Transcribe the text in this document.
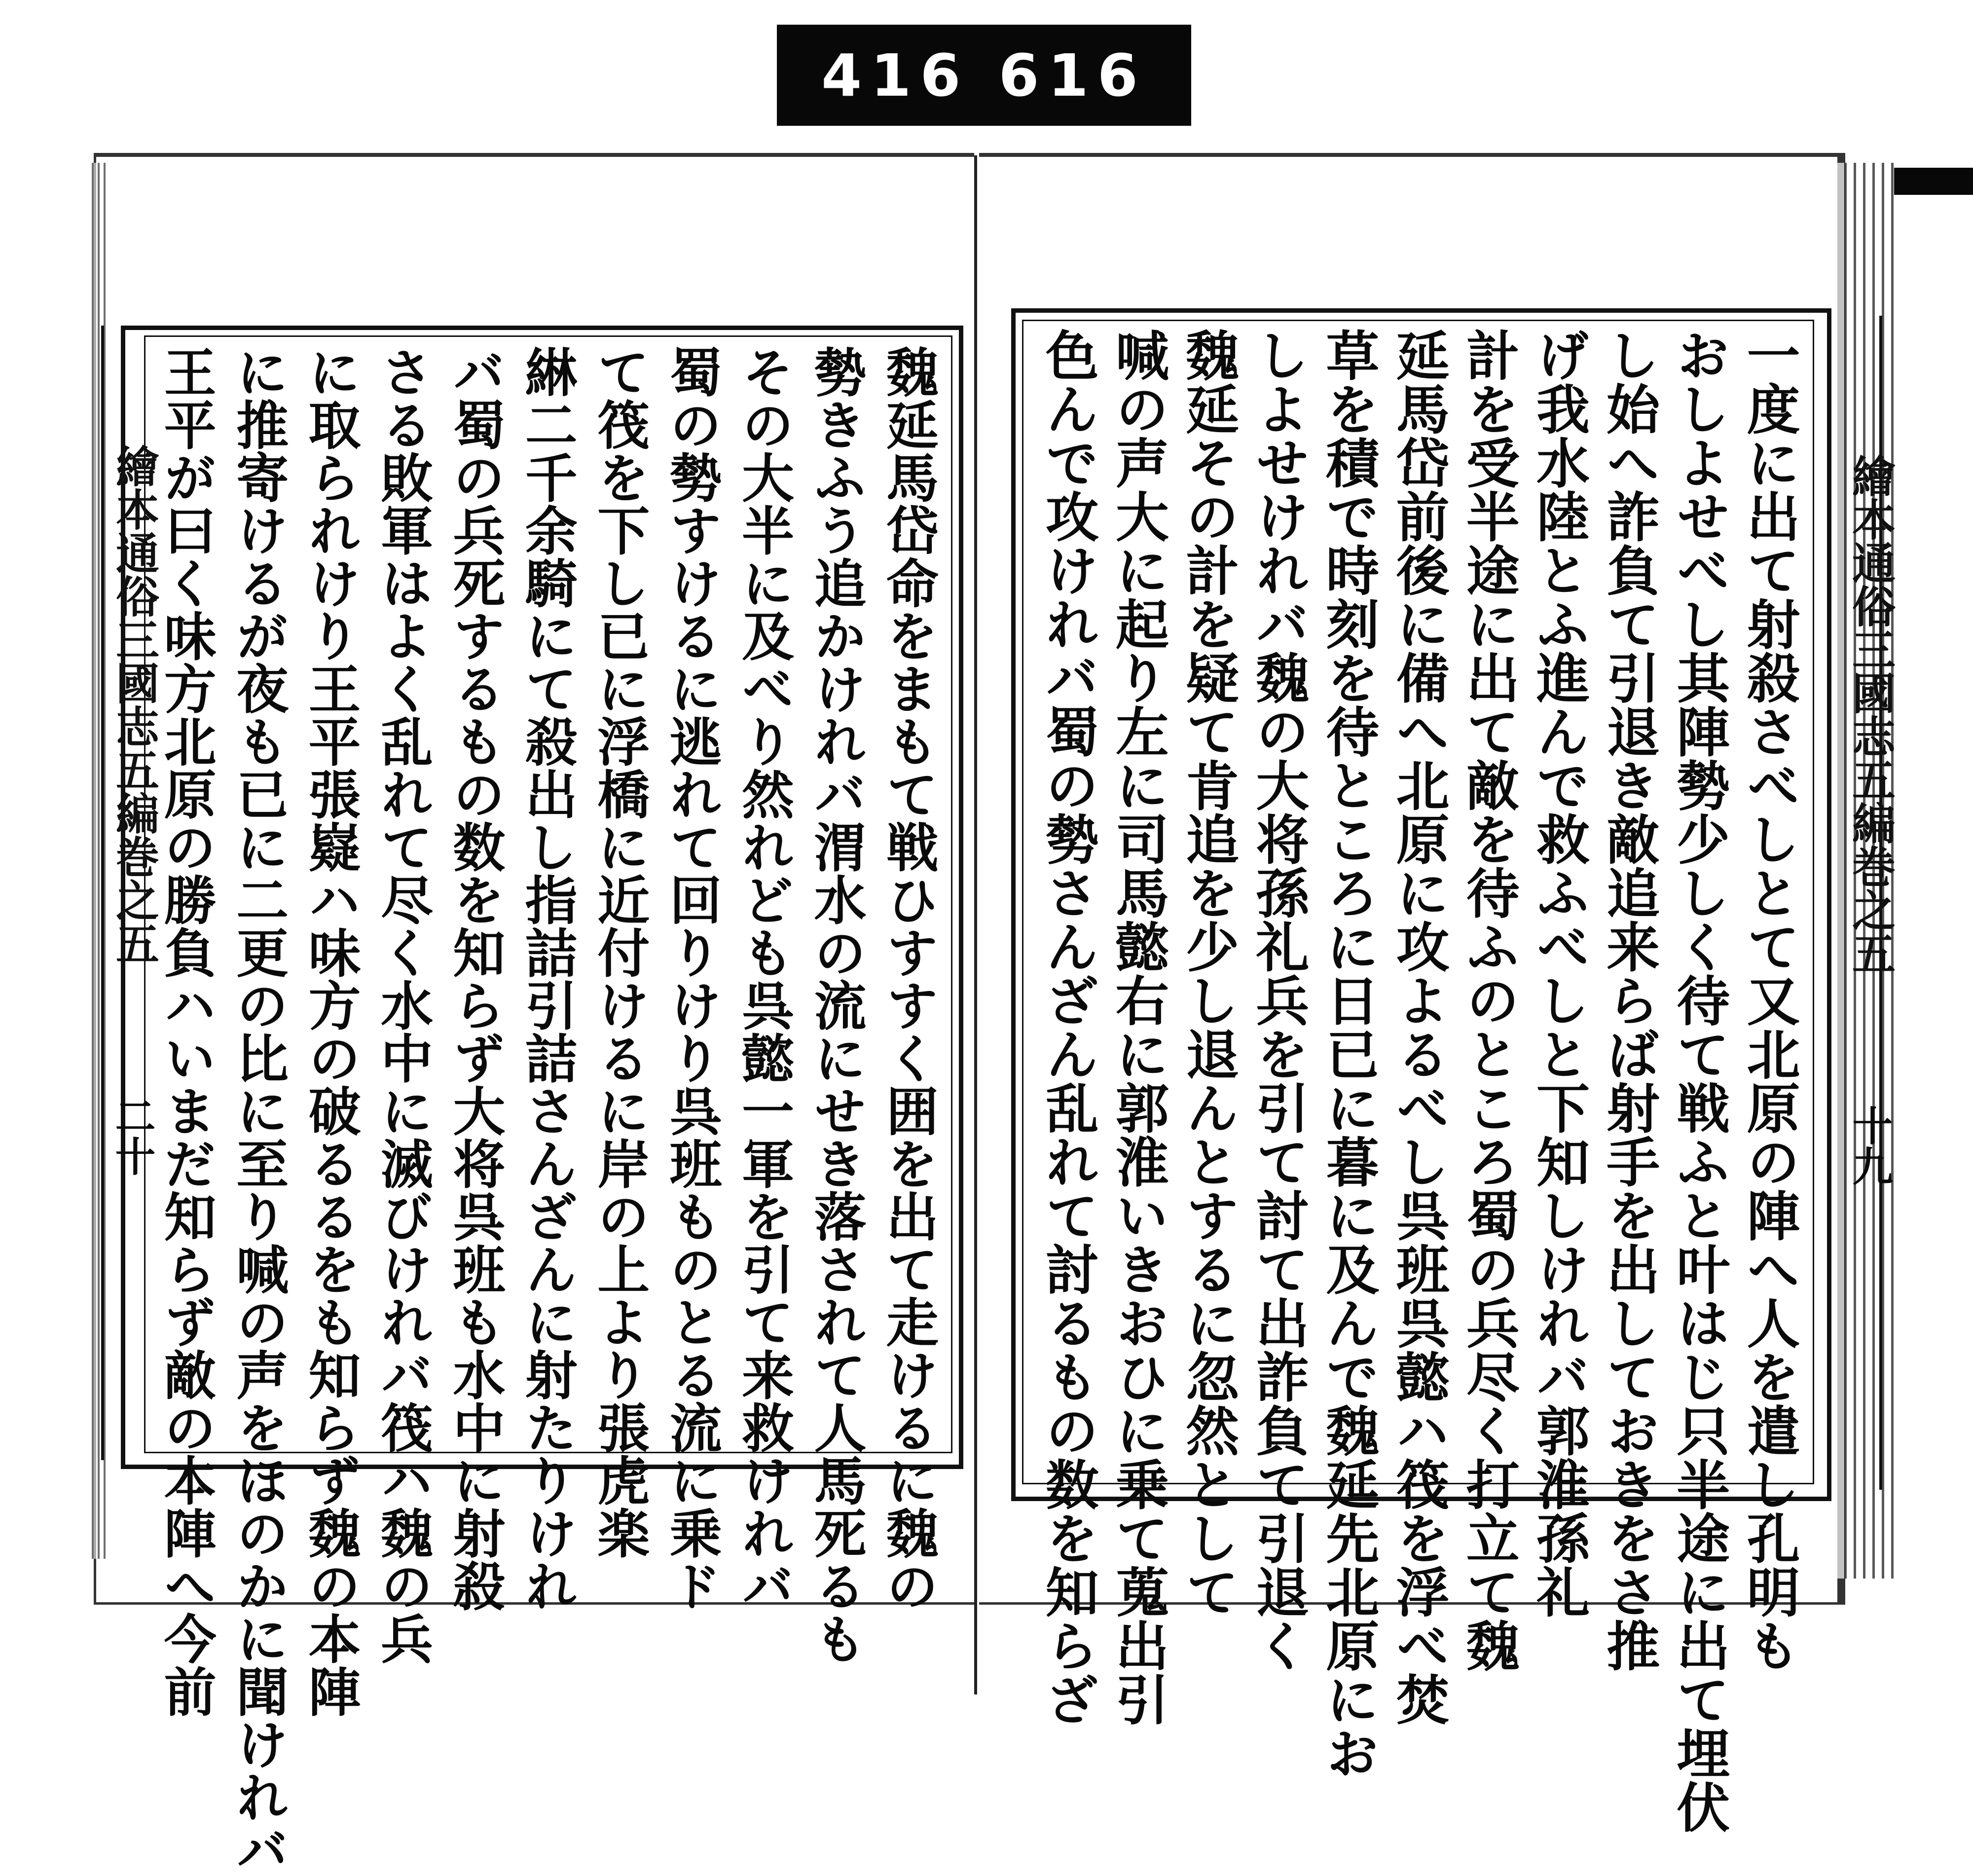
416 616
繪本通俗三國志五編巻之五	繪本通俗三國志五編巻之五
二十	十九
一度に出て射殺さべしとて又北原の陣へ人を遣し孔明も
おしよせべし其陣勢少しく待て戦ふと叶はじ只半途に出て埋伏
し始へ詐負て引退き敵追来らば射手を出しておきをさ推
げ我水陸とふ進んで救ふべしと下知しけれバ郭淮孫礼
計を受半途に出て敵を待ふのところ蜀の兵尽く打立て魏
延馬岱前後に備へ北原に攻よるべし呉班呉懿ハ筏を浮べ焚
草を積で時刻を待ところに日已に暮に及んで魏延先北原にお
しよせけれバ魏の大将孫礼兵を引て討て出詐負て引退く
魏延その計を疑て肯追を少し退んとするに忽然として
喊の声大に起り左に司馬懿右に郭淮いきおひに乗て蒐出引
色んで攻けれバ蜀の勢さんざん乱れて討るもの数を知らざ
魏延馬岱命をまもて戦ひすすく囲を出て走けるに魏の
勢きふう追かけれバ渭水の流にせき落されて人馬死るも
その大半に及べり然れども呉懿一軍を引て来救けれバ
蜀の勢すけるに逃れて回りけり呉班ものとる流に乗ド
て筏を下し已に浮橋に近付けるに岸の上より張虎楽
綝二千余騎にて殺出し指詰引詰さんざんに射たりけれ
バ蜀の兵死するもの数を知らず大将呉班も水中に射殺
さる敗軍はよく乱れて尽く水中に滅びけれバ筏ハ魏の兵
に取られけり王平張嶷ハ味方の破るるをも知らず魏の本陣
に推寄けるが夜も已に二更の比に至り喊の声をほのかに聞けれバ
王平が曰く味方北原の勝負ハいまだ知らず敵の本陣へ今前
